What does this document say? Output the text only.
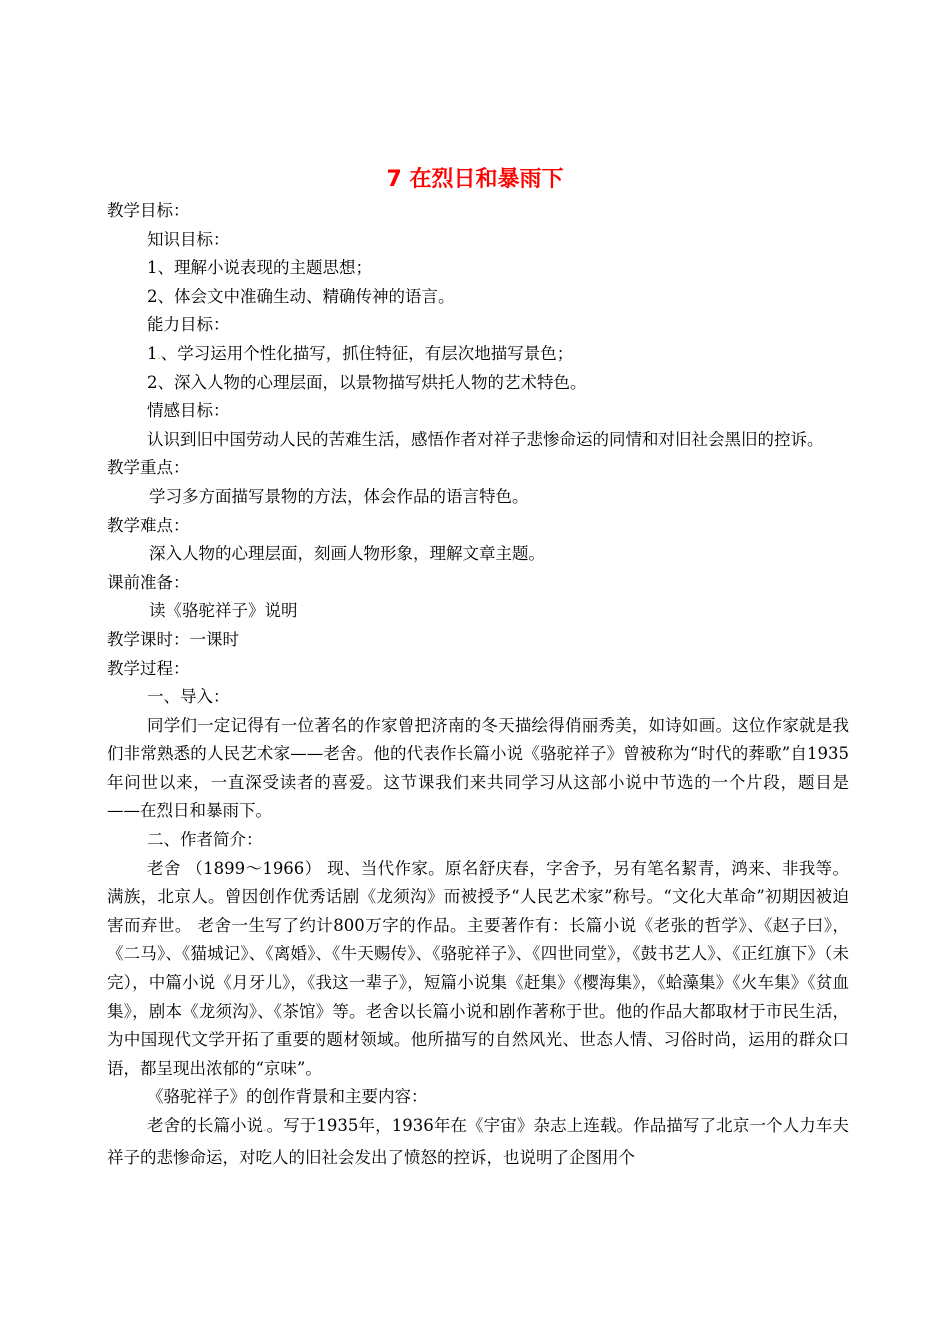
7 在烈日和暴雨下
教学目标：
知识目标：
1、理解小说表现的主题思想；
2、体会文中准确生动、精确传神的语言。
能力目标：
1.、学习运用个性化描写，抓住特征，有层次地描写景色；
2、深入人物的心理层面，以景物描写烘托人物的艺术特色。
情感目标：
认识到旧中国劳动人民的苦难生活，感悟作者对祥子悲惨命运的同情和对旧社会黑旧的控诉。
教学重点：
学习多方面描写景物的方法，体会作品的语言特色。
教学难点：
深入人物的心理层面，刻画人物形象，理解文章主题。
课前准备：
读《骆驼祥子》说明
教学课时：一课时
教学过程：
一、导入：
同学们一定记得有一位著名的作家曾把济南的冬天描绘得俏丽秀美，如诗如画。这位作家就是我们非常熟悉的人民艺术家——老舍。他的代表作长篇小说《骆驼祥子》曾被称为“时代的葬歌”自1935年问世以来，一直深受读者的喜爱。这节课我们来共同学习从这部小说中节选的一个片段，题目是——在烈日和暴雨下。
二、作者简介：
老舍 （1899～1966） 现、当代作家。原名舒庆春，字舍予，另有笔名絜青，鸿来、非我等。满族，北京人。曾因创作优秀话剧《龙须沟》而被授予“人民艺术家”称号。“文化大革命”初期因被迫害而弃世。 老舍一生写了约计800万字的作品。主要著作有：长篇小说《老张的哲学》、《赵子曰》，《二马》、《猫城记》、《离婚》、《牛天赐传》、《骆驼祥子》、《四世同堂》，《鼓书艺人》、《正红旗下》（未完），中篇小说《月牙儿》，《我这一辈子》，短篇小说集《赶集》《樱海集》，《蛤藻集》《火车集》《贫血集》，剧本《龙须沟》、《茶馆》等。老舍以长篇小说和剧作著称于世。他的作品大都取材于市民生活，为中国现代文学开拓了重要的题材领域。他所描写的自然风光、世态人情、习俗时尚，运用的群众口语，都呈现出浓郁的“京味”。
《骆驼祥子》的创作背景和主要内容：
老舍的长篇小说.。写于1935年，1936年在《宇宙》杂志上连载。作品描写了北京一个人力车夫祥子的悲惨命运，对吃人的旧社会发出了愤怒的控诉，也说明了企图用个
